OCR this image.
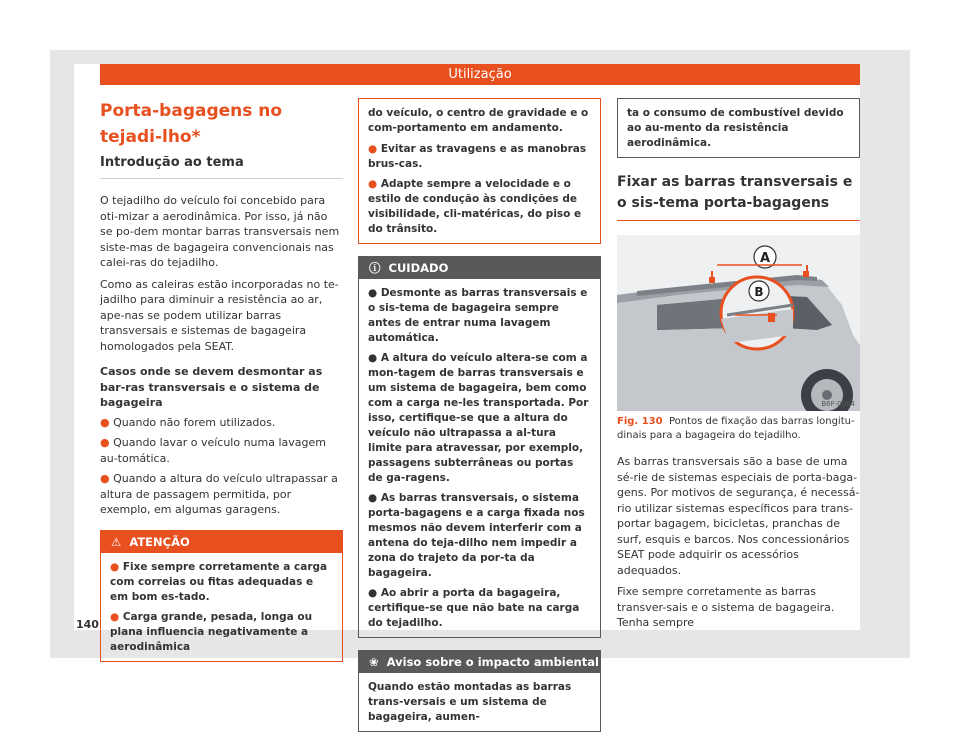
Utilização
Porta-bagagens no tejadi-lho*
Introdução ao tema

O tejadilho do veículo foi concebido para oti-mizar a aerodinâmica. Por isso, já não se po-dem montar barras transversais nem siste-mas de bagageira convencionais nas calei-ras do tejadilho.

Como as caleiras estão incorporadas no te-jadilho para diminuir a resistência ao ar, ape-nas se podem utilizar barras transversais e sistemas de bagageira homologados pela SEAT.

Casos onde se devem desmontar as bar-ras transversais e o sistema de bagageira
● Quando não forem utilizados.
● Quando lavar o veículo numa lavagem au-tomática.
● Quando a altura do veículo ultrapassar a altura de passagem permitida, por exemplo, em algumas garagens.
⚠ ATENÇÃO
● Fixe sempre corretamente a carga com correias ou fitas adequadas e em bom es-tado.
● Carga grande, pesada, longa ou plana influencia negativamente a aerodinâmica

do veículo, o centro de gravidade e o com-portamento em andamento.

● Evitar as travagens e as manobras brus-cas.
● Adapte sempre a velocidade e o estilo de condução às condições de visibilidade, cli-matéricas, do piso e do trânsito.
ⓘ CUIDADO
● Desmonte as barras transversais e o sis-tema de bagageira sempre antes de entrar numa lavagem automática.
● A altura do veículo altera-se com a mon-tagem de barras transversais e um sistema de bagageira, bem como com a carga ne-les transportada. Por isso, certifique-se que a altura do veículo não ultrapassa a al-tura limite para atravessar, por exemplo, passagens subterrâneas ou portas de ga-ragens.
● As barras transversais, o sistema porta-bagagens e a carga fixada nos mesmos não devem interferir com a antena do teja-dilho nem impedir a zona do trajeto da por-ta da bagageira.
● Ao abrir a porta da bagageira, certifique-se que não bate na carga do tejadilho.
❀ Aviso sobre o impacto ambiental

Quando estão montadas as barras trans-versais e um sistema de bagageira, aumen-

ta o consumo de combustível devido ao au-mento da resistência aerodinâmica.

Fixar as barras transversais e o sis-tema porta-bagagens
A
B
B6F-0064
Fig. 130 Pontos de fixação das barras longitu-dinais para a bagageira do tejadilho.

As barras transversais são a base de uma sé-rie de sistemas especiais de porta-baga-gens. Por motivos de segurança, é necessá-rio utilizar sistemas específicos para trans-portar bagagem, bicicletas, pranchas de surf, esquis e barcos. Nos concessionários SEAT pode adquirir os acessórios adequados.

Fixe sempre corretamente as barras transver-sais e o sistema de bagageira. Tenha sempre

140
